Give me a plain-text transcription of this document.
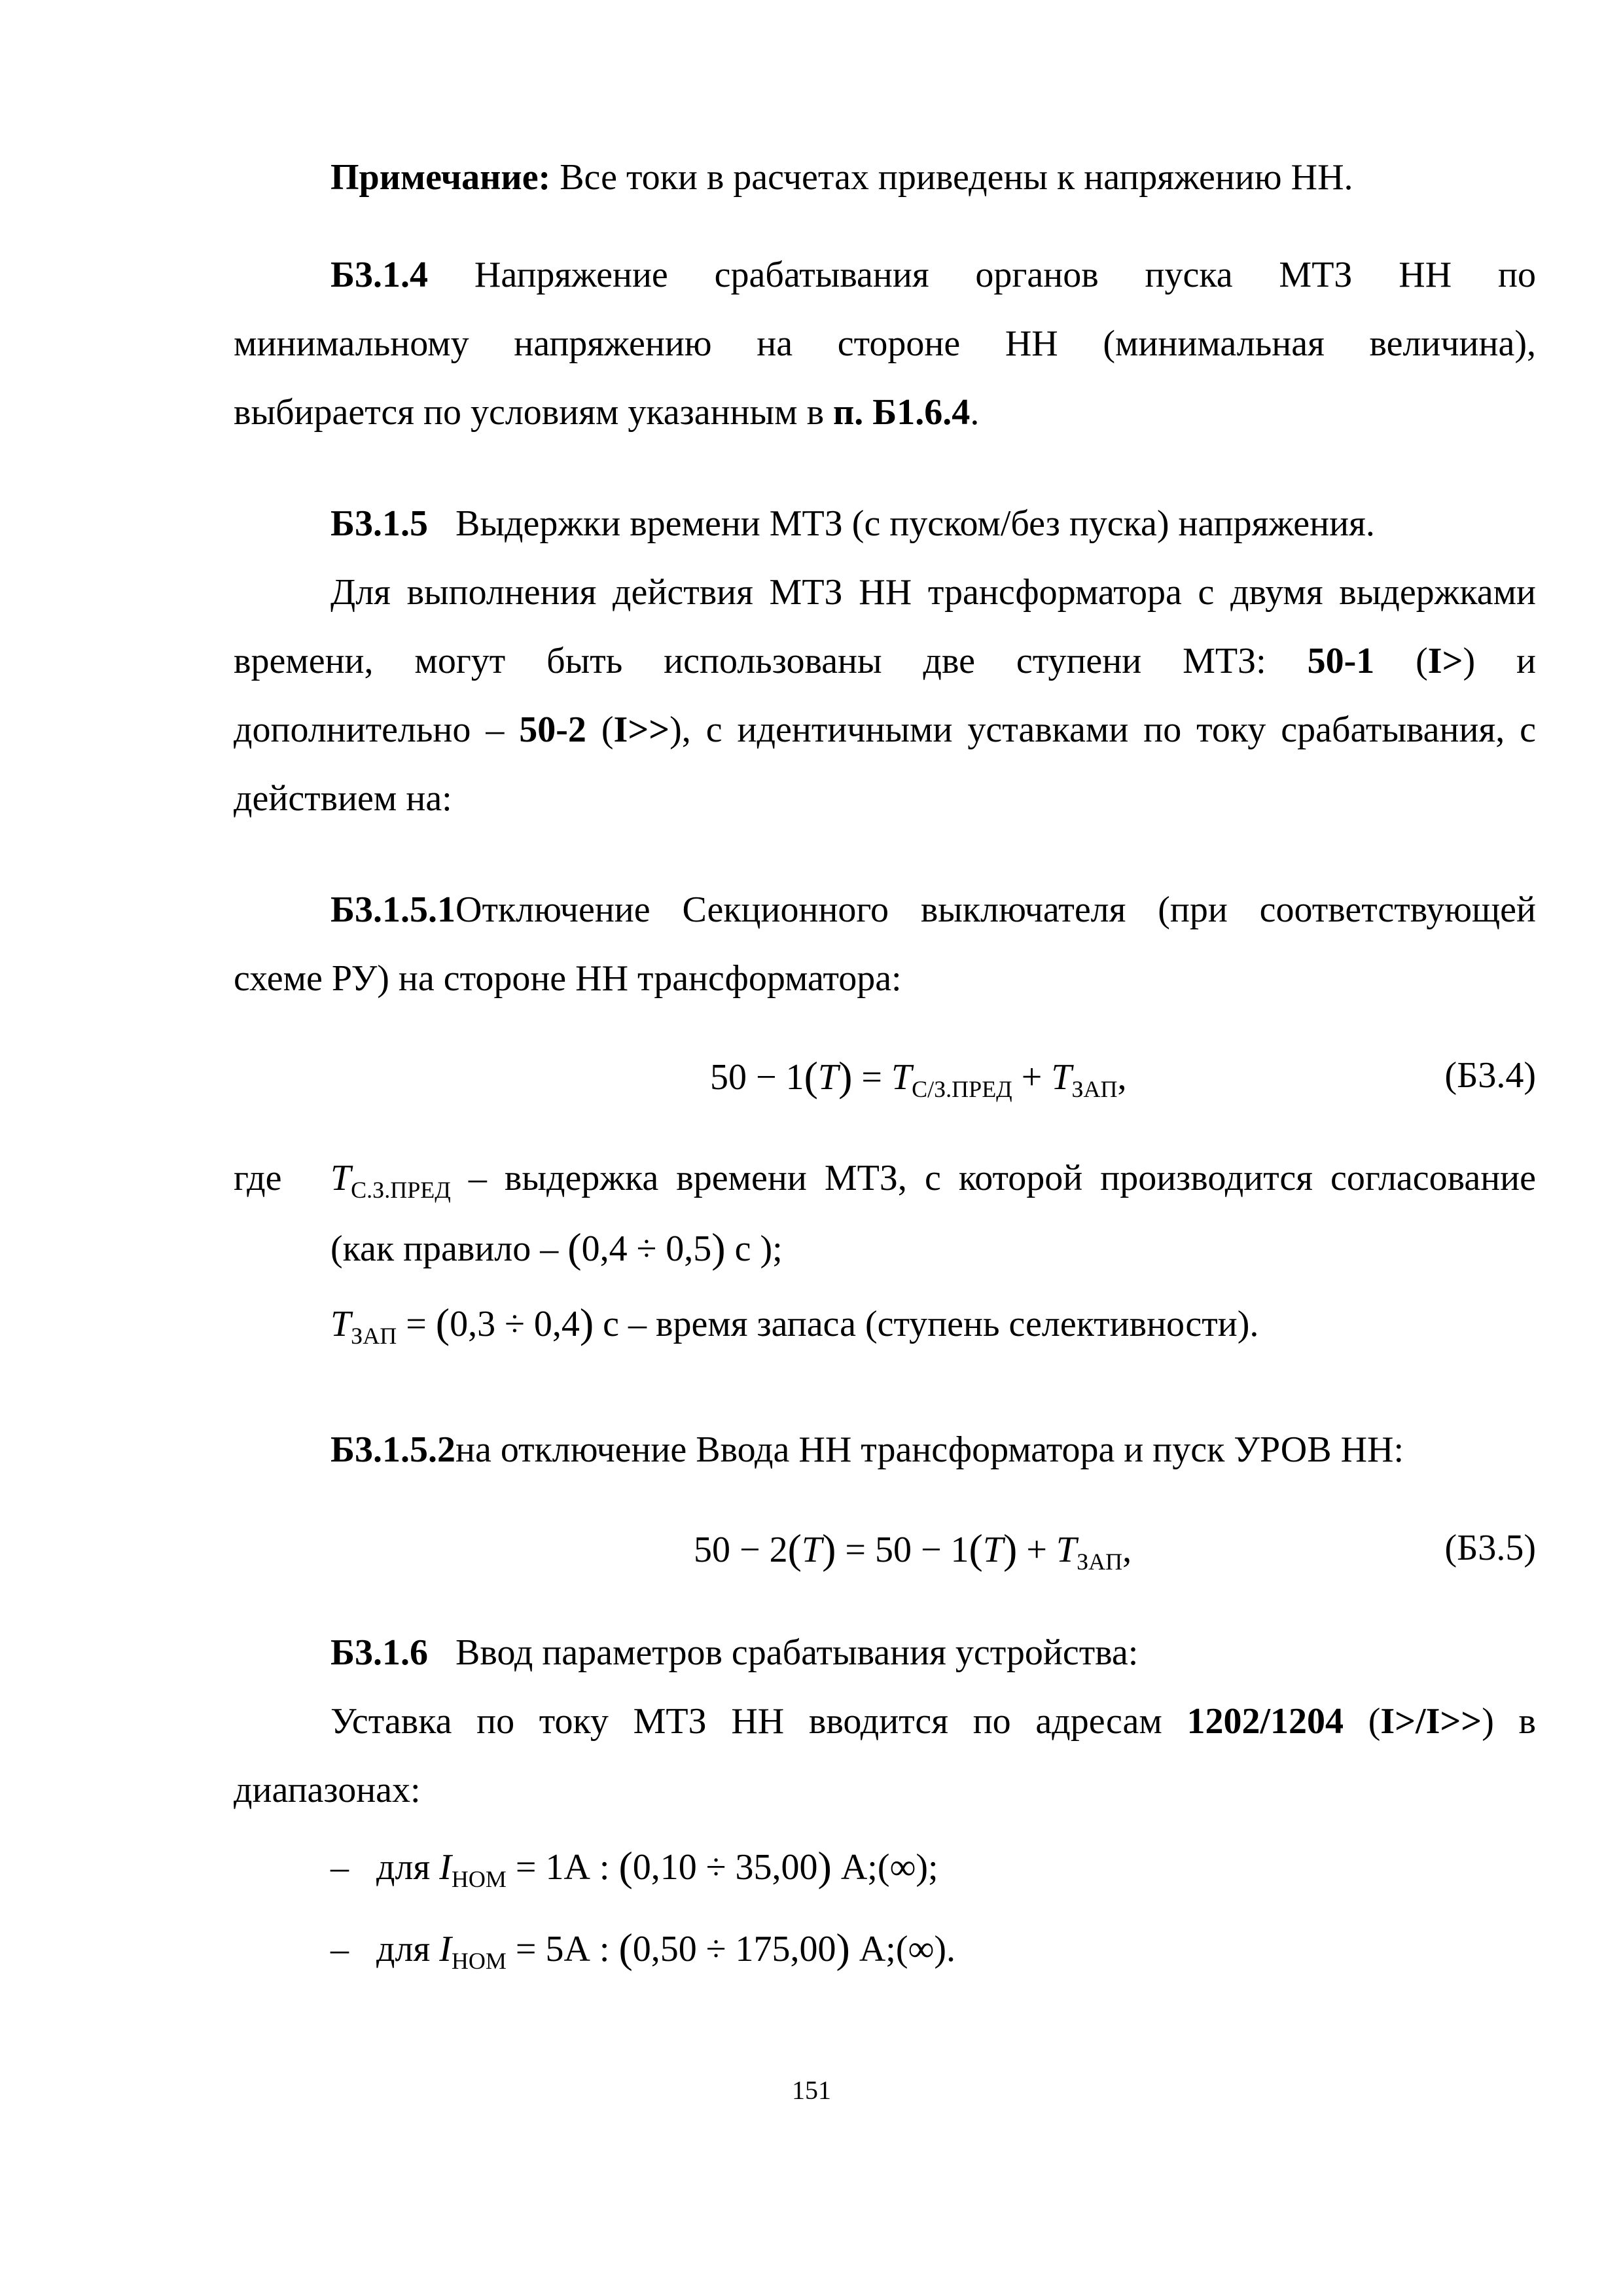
Примечание: Все токи в расчетах приведены к напряжению НН.
Б3.1.4 Напряжение срабатывания органов пуска МТЗ НН по
минимальному напряжению на стороне НН (минимальная величина),
выбирается по условиям указанным в п. Б1.6.4.
Б3.1.5 Выдержки времени МТЗ (с пуском/без пуска) напряжения.
Для выполнения действия МТЗ НН трансформатора с двумя выдержками
времени, могут быть использованы две ступени МТЗ: 50-1 (I>) и
дополнительно – 50-2 (I>>), с идентичными уставками по току срабатывания, с
действием на:
Б3.1.5.1Отключение Секционного выключателя (при соответствующей
схеме РУ) на стороне НН трансформатора:
$50 - 1(T) = T_{С/З.ПРЕД} + T_{ЗАП}$,	(Б3.4)
где $T_{С.З.ПРЕД}$ – выдержка времени МТЗ, с которой производится согласование
(как правило – (0,4 ÷ 0,5) с );
$T_{ЗАП} = (0,3 \div 0,4)$ с – время запаса (ступень селективности).
Б3.1.5.2на отключение Ввода НН трансформатора и пуск УРОВ НН:
$50 - 2(T) = 50 - 1(T) + T_{ЗАП}$,	(Б3.5)
Б3.1.6 Ввод параметров срабатывания устройства:
Уставка по току МТЗ НН вводится по адресам 1202/1204 (I>/I>>) в
диапазонах:
– для $I_{НОМ} = 1А$ : (0,10 ÷ 35,00) А;(∞);
– для $I_{НОМ} = 5А$ : (0,50 ÷ 175,00) А;(∞).
151
